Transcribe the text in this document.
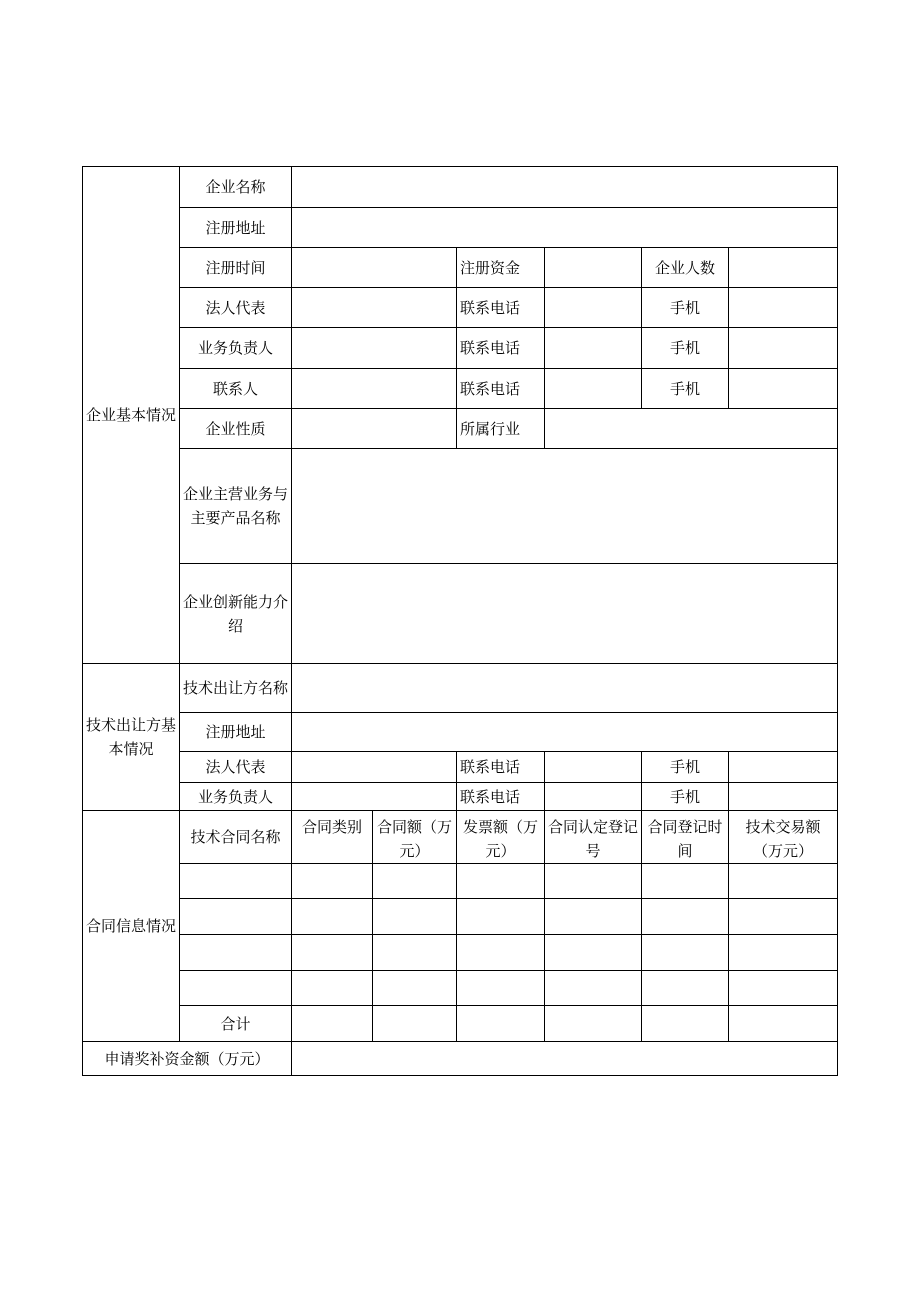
企业基本情况	企业名称						
	注册地址						
	注册时间			注册资金		企业人数	
	法人代表			联系电话		手机	
	业务负责人			联系电话		手机	
	联系人			联系电话		手机	
	企业性质			所属行业			
	企业主营业务与主要产品名称						
	企业创新能力介绍						

技术出让方基本情况	技术出让方名称						
	注册地址						
	法人代表			联系电话		手机	
	业务负责人			联系电话		手机	
合同信息情况	技术合同名称	合同类别	合同额（万元）	发票额（万元）	合同认定登记号	合同登记时间	技术交易额（万元）

	合计						
申请奖补资金额（万元）							
